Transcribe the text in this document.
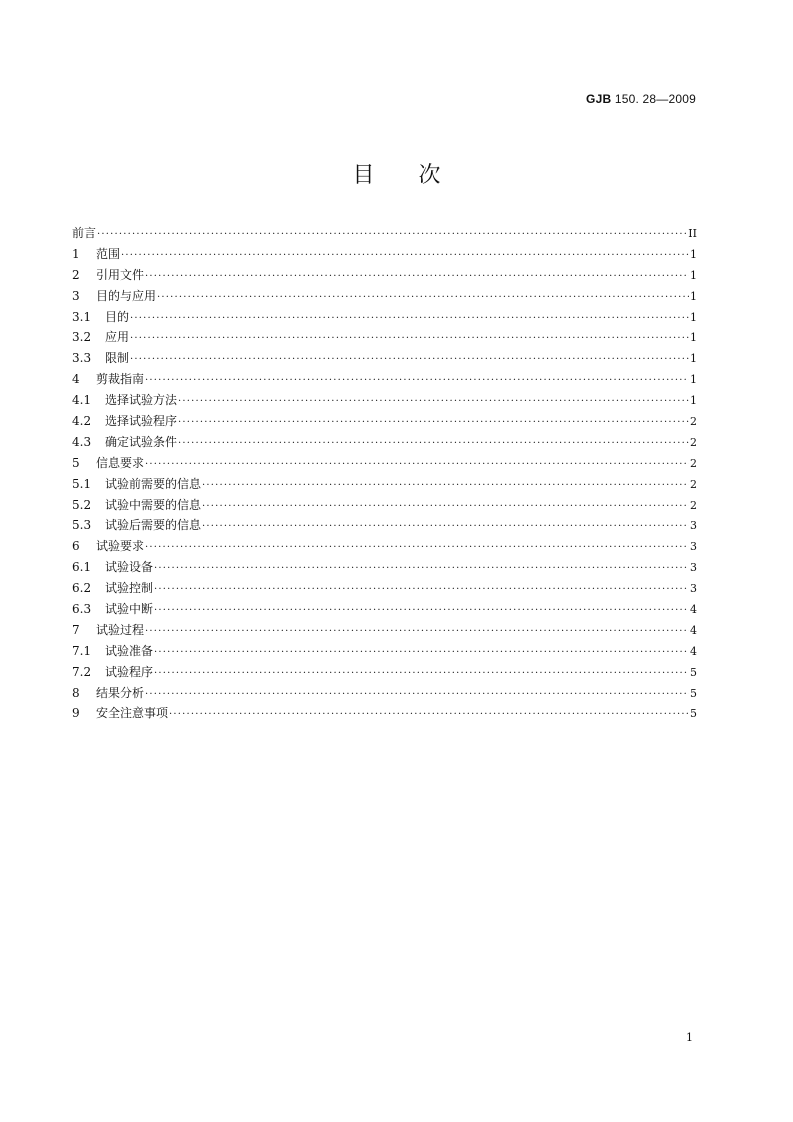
GJB 150. 28—2009
目次
前言 ·····	II
1	范围 ·····	1
2	引用文件 ·····	1
3	目的与应用 ·····	1
3.1	目的 ·····	1
3.2	应用 ·····	1
3.3	限制 ·····	1
4	剪裁指南 ·····	1
4.1	选择试验方法 ·····	1
4.2	选择试验程序 ·····	2
4.3	确定试验条件 ·····	2
5	信息要求 ·····	2
5.1	试验前需要的信息 ·····	2
5.2	试验中需要的信息 ·····	2
5.3	试验后需要的信息 ·····	3
6	试验要求 ·····	3
6.1	试验设备 ·····	3
6.2	试验控制 ·····	3
6.3	试验中断 ·····	4
7	试验过程 ·····	4
7.1	试验准备 ·····	4
7.2	试验程序 ·····	5
8	结果分析 ·····	5
9	安全注意事项 ·····	5
1
